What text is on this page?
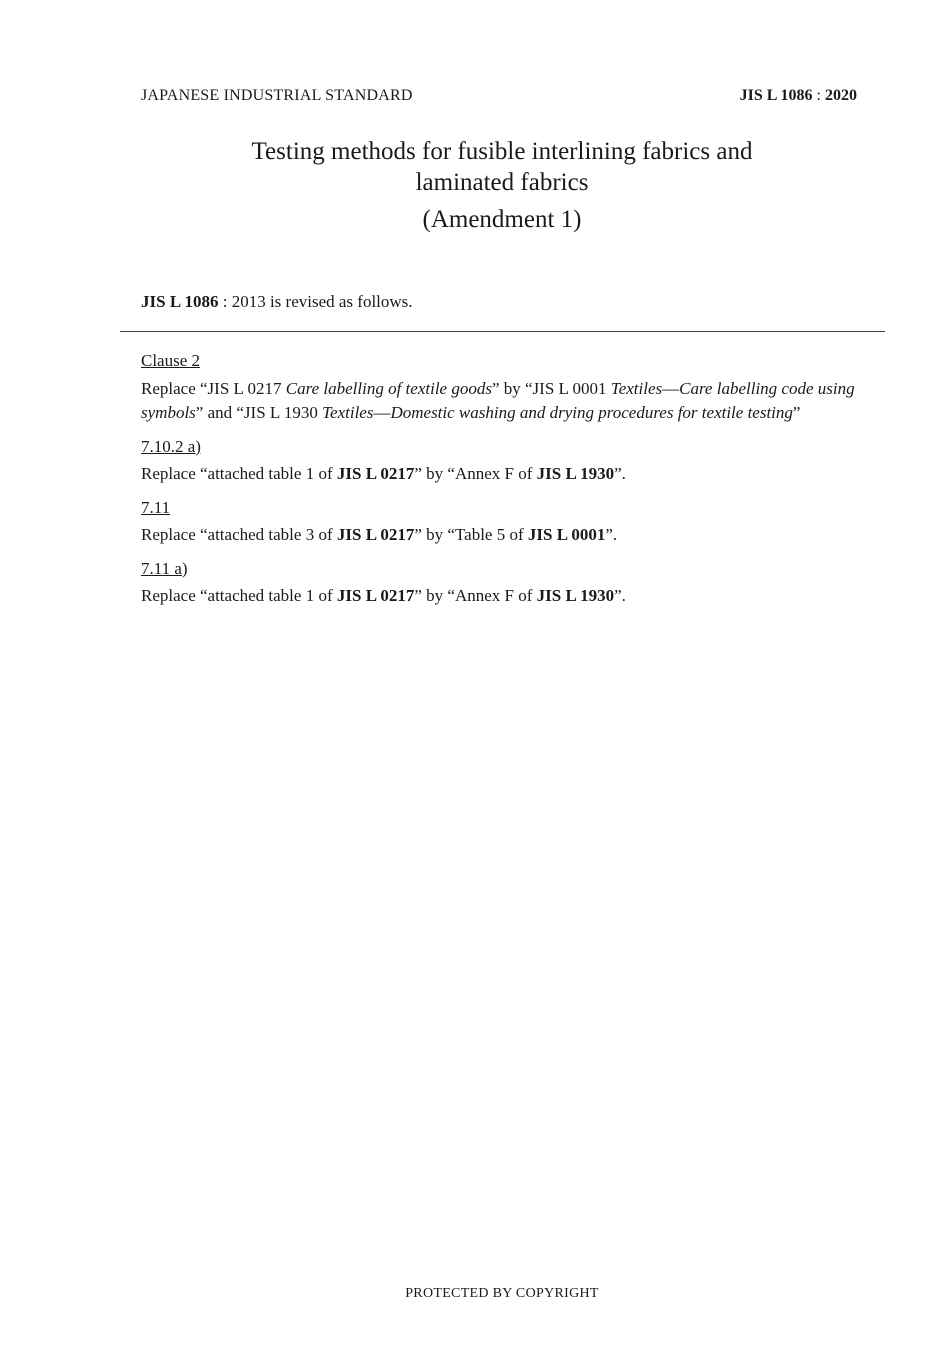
JAPANESE INDUSTRIAL STANDARD	JIS L 1086 : 2020
Testing methods for fusible interlining fabrics and
laminated fabrics
(Amendment 1)
JIS L 1086 : 2013 is revised as follows.
Clause 2
Replace “JIS L 0217 Care labelling of textile goods” by “JIS L 0001 Textiles―Care labelling code using symbols” and “JIS L 1930 Textiles―Domestic washing and drying procedures for textile testing”
7.10.2 a)
Replace “attached table 1 of JIS L 0217” by “Annex F of JIS L 1930”.
7.11
Replace “attached table 3 of JIS L 0217” by “Table 5 of JIS L 0001”.
7.11 a)
Replace “attached table 1 of JIS L 0217” by “Annex F of JIS L 1930”.
PROTECTED BY COPYRIGHT
